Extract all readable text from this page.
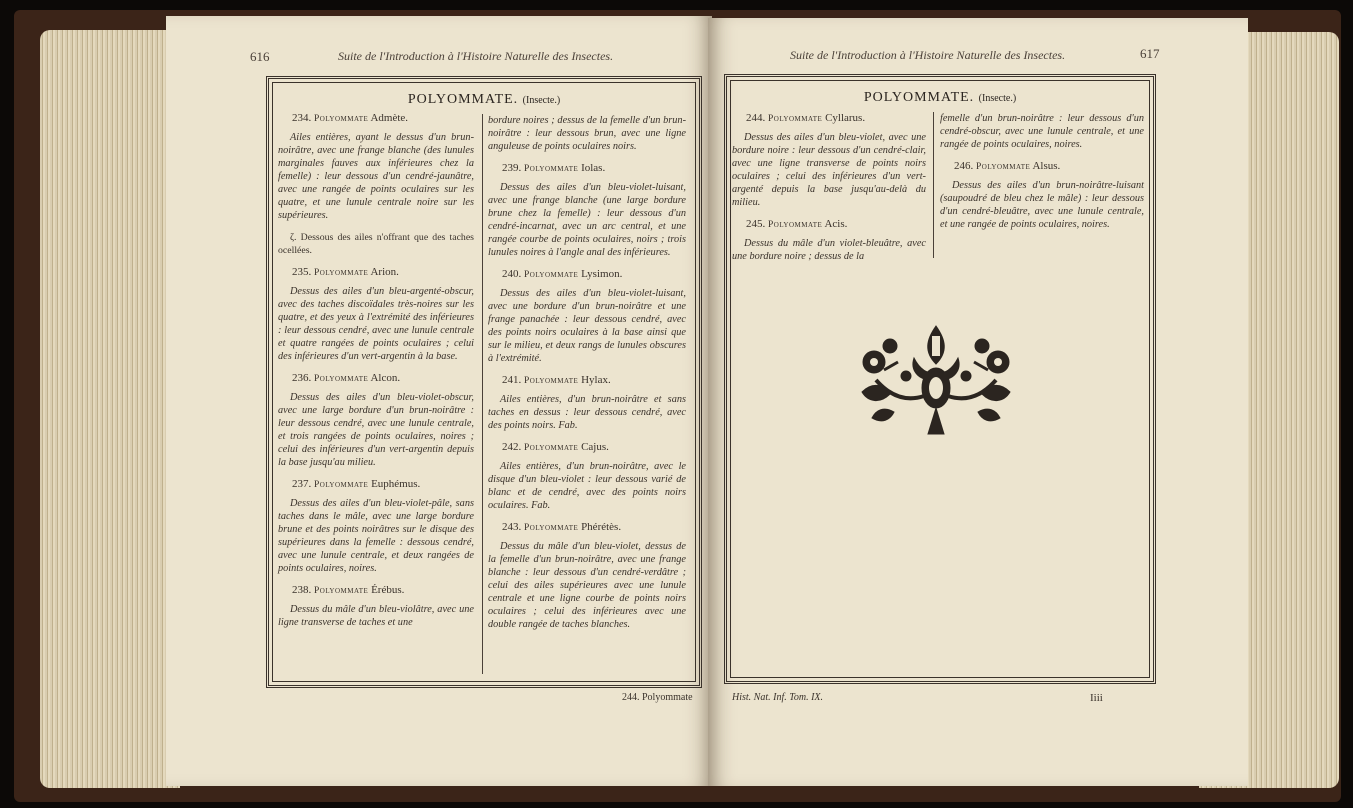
616	Suite de l'Introduction à l'Histoire Naturelle des Insectes.
POLYOMMATE. (Insecte.)
234. Polyommate Admète.
Ailes entières, ayant le dessus d'un brun-noirâtre, avec une frange blanche (des lunules marginales fauves aux inférieures chez la femelle) : leur dessous d'un cendré-jaunâtre, avec une rangée de points oculaires sur les quatre, et une lunule centrale noire sur les supérieures.
ζ. Dessous des ailes n'offrant que des taches ocellées.
235. Polyommate Arion.
Dessus des ailes d'un bleu-argenté-obscur, avec des taches discoïdales très-noires sur les quatre, et des yeux à l'extrémité des inférieures : leur dessous cendré, avec une lunule centrale et quatre rangées de points oculaires ; celui des inférieures d'un vert-argentin à la base.
236. Polyommate Alcon.
Dessus des ailes d'un bleu-violet-obscur, avec une large bordure d'un brun-noirâtre : leur dessous cendré, avec une lunule centrale, et trois rangées de points oculaires, noires ; celui des inférieures d'un vert-argentin depuis la base jusqu'au milieu.
237. Polyommate Euphémus.
Dessus des ailes d'un bleu-violet-pâle, sans taches dans le mâle, avec une large bordure brune et des points noirâtres sur le disque des supérieures dans la femelle : dessous cendré, avec une lunule centrale, et deux rangées de points oculaires, noires.
238. Polyommate Érébus.
Dessus du mâle d'un bleu-violâtre, avec une ligne transverse de taches et une
bordure noires ; dessus de la femelle d'un brun-noirâtre : leur dessous brun, avec une ligne anguleuse de points oculaires noirs.
239. Polyommate Iolas.
Dessus des ailes d'un bleu-violet-luisant, avec une frange blanche (une large bordure brune chez la femelle) : leur dessous d'un cendré-incarnat, avec un arc central, et une rangée courbe de points oculaires, noirs ; trois lunules noires à l'angle anal des inférieures.
240. Polyommate Lysimon.
Dessus des ailes d'un bleu-violet-luisant, avec une bordure d'un brun-noirâtre et une frange panachée : leur dessous cendré, avec des points noirs oculaires à la base ainsi que sur le milieu, et deux rangs de lunules obscures à l'extrémité.
241. Polyommate Hylax.
Ailes entières, d'un brun-noirâtre et sans taches en dessus : leur dessous cendré, avec des points noirs. Fab.
242. Polyommate Cajus.
Ailes entières, d'un brun-noirâtre, avec le disque d'un bleu-violet : leur dessous varié de blanc et de cendré, avec des points noirs oculaires. Fab.
243. Polyommate Phérétès.
Dessus du mâle d'un bleu-violet, dessus de la femelle d'un brun-noirâtre, avec une frange blanche : leur dessous d'un cendré-verdâtre ; celui des ailes supérieures avec une lunule centrale et une ligne courbe de points noirs oculaires ; celui des inférieures avec une double rangée de taches blanches.
244. Polyommate
Suite de l'Introduction à l'Histoire Naturelle des Insectes.	617
POLYOMMATE. (Insecte.)
244. Polyommate Cyllarus.
Dessus des ailes d'un bleu-violet, avec une bordure noire : leur dessous d'un cendré-clair, avec une ligne transverse de points noirs oculaires ; celui des inférieures d'un vert-argenté depuis la base jusqu'au-delà du milieu.
245. Polyommate Acis.
Dessus du mâle d'un violet-bleuâtre, avec une bordure noire ; dessus de la
femelle d'un brun-noirâtre : leur dessous d'un cendré-obscur, avec une lunule centrale, et une rangée de points oculaires, noires.
246. Polyommate Alsus.
Dessus des ailes d'un brun-noirâtre-luisant (saupoudré de bleu chez le mâle) : leur dessous d'un cendré-bleuâtre, avec une lunule centrale, et une rangée de points oculaires, noires.
Hist. Nat. Inf. Tom. IX.	Iiii
